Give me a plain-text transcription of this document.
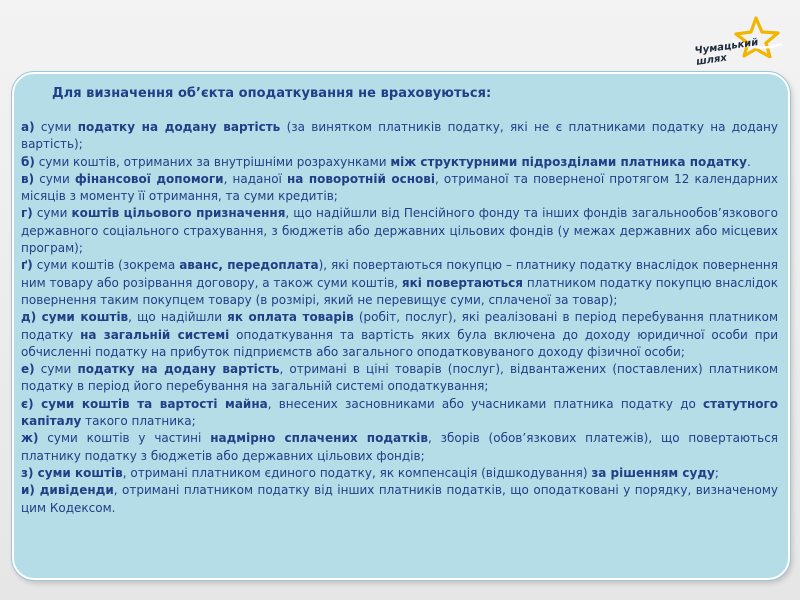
Чумацький
шлях
Для визначення об’єкта оподаткування не враховуються:

а) суми податку на додану вартість (за винятком платників податку, які не є платниками податку на додану вартість);

б) суми коштів, отриманих за внутрішніми розрахунками між структурними підрозділами платника податку.

в) суми фінансової допомоги, наданої на поворотній основі, отриманої та поверненої протягом 12 календарних місяців з моменту її отримання, та суми кредитів;

г) суми коштів цільового призначення, що надійшли від Пенсійного фонду та інших фондів загальнообов’язкового державного соціального страхування, з бюджетів або державних цільових фондів (у межах державних або місцевих програм);

ґ) суми коштів (зокрема аванс, передоплата), які повертаються покупцю – платнику податку внаслідок повернення ним товару або розірвання договору, а також суми коштів, які повертаються платником податку покупцю внаслідок повернення таким покупцем товару (в розмірі, який не перевищує суми, сплаченої за товар);

д) суми коштів, що надійшли як оплата товарів (робіт, послуг), які реалізовані в період перебування платником податку на загальній системі оподаткування та вартість яких була включена до доходу юридичної особи при обчисленні податку на прибуток підприємств або загального оподатковуваного доходу фізичної особи;

е) суми податку на додану вартість, отримані в ціні товарів (послуг), відвантажених (поставлених) платником податку в період його перебування на загальній системі оподаткування;

є) суми коштів та вартості майна, внесених засновниками або учасниками платника податку до статутного капіталу такого платника;

ж) суми коштів у частині надмірно сплачених податків, зборів (обов’язкових платежів), що повертаються платнику податку з бюджетів або державних цільових фондів;

з) суми коштів, отримані платником єдиного податку, як компенсація (відшкодування) за рішенням суду;

и) дивіденди, отримані платником податку від інших платників податків, що оподатковані у порядку, визначеному цим Кодексом.
